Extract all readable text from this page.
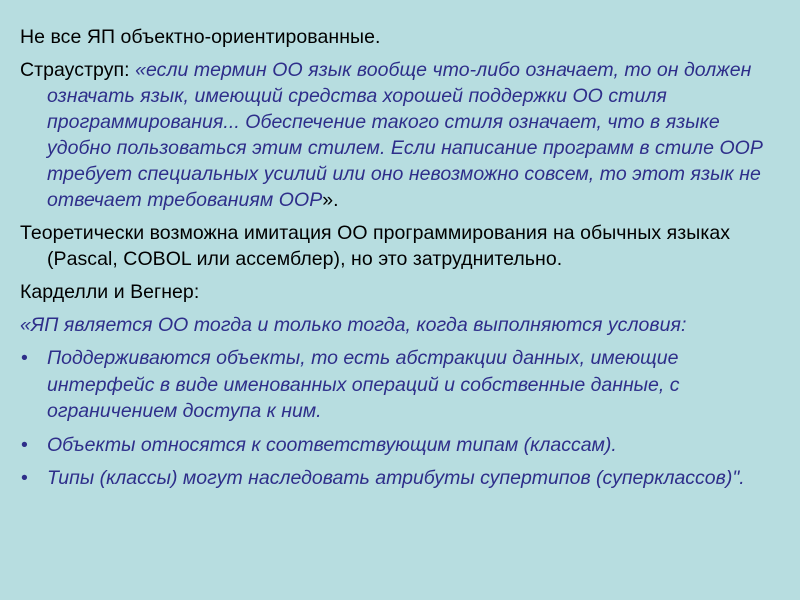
Не все ЯП объектно-ориентированные.

Страуструп: «если термин ОО язык вообще что-либо означает, то он должен означать язык, имеющий средства хорошей поддержки ОО стиля программирования... Обеспечение такого стиля означает, что в языке удобно пользоваться этим стилем. Если написание программ в стиле ООР требует специальных усилий или оно невозможно совсем, то этот язык не отвечает требованиям ООР».

Теоретически возможна имитация ОО программирования на обычных языках (Pascal, COBOL или ассемблер), но это затруднительно.

Карделли и Вегнер:

«ЯП является ОО тогда и только тогда, когда выполняются условия:

• Поддерживаются объекты, то есть абстракции данных, имеющие интерфейс в виде именованных операций и собственные данные, с ограничением доступа к ним.
• Объекты относятся к соответствующим типам (классам).
• Типы (классы) могут наследовать атрибуты супертипов (суперклассов)".
